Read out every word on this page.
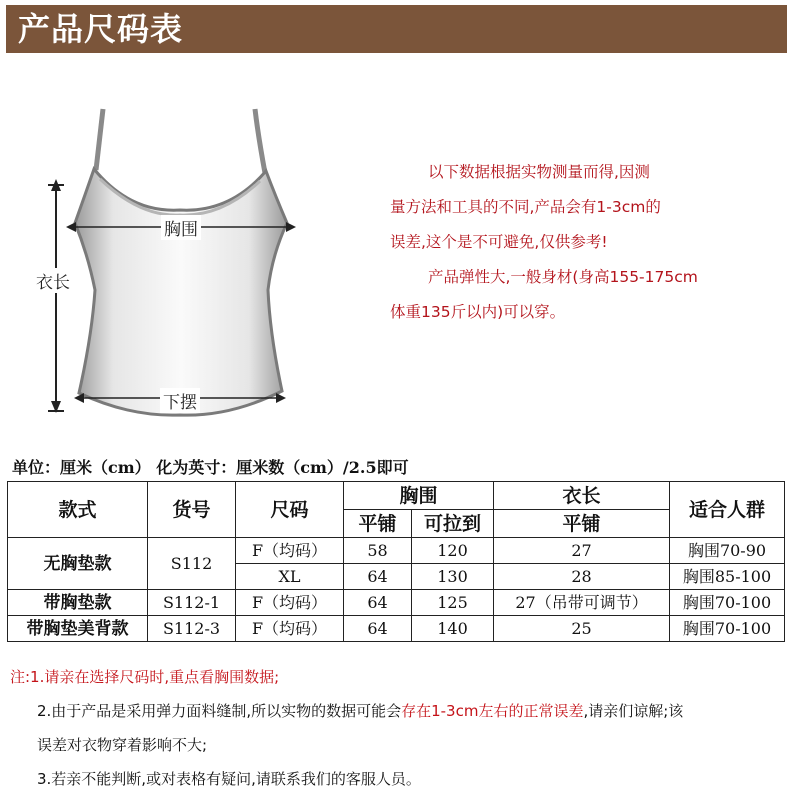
产品尺码表
胸围
衣长
下摆

以下数据根据实物测量而得,因测

量方法和工具的不同,产品会有1-3cm的

误差,这个是不可避免,仅供参考!

产品弹性大,一般身材(身高155-175cm

体重135斤以内)可以穿。

单位：厘米（cm） 化为英寸：厘米数（cm）/2.5即可
款式	货号	尺码	胸围		衣长	适合人群
			平铺	可拉到	平铺	
无胸垫款	S112	F（均码）	58	120	27	胸围70-90
		XL	64	130	28	胸围85-100
带胸垫款	S112-1	F（均码）	64	125	27（吊带可调节）	胸围70-100
带胸垫美背款	S112-3	F（均码）	64	140	25	胸围70-100

注:1.请亲在选择尺码时,重点看胸围数据;

2.由于产品是采用弹力面料缝制,所以实物的数据可能会存在1-3cm左右的正常误差,请亲们谅解;该

误差对衣物穿着影响不大;

3.若亲不能判断,或对表格有疑问,请联系我们的客服人员。
